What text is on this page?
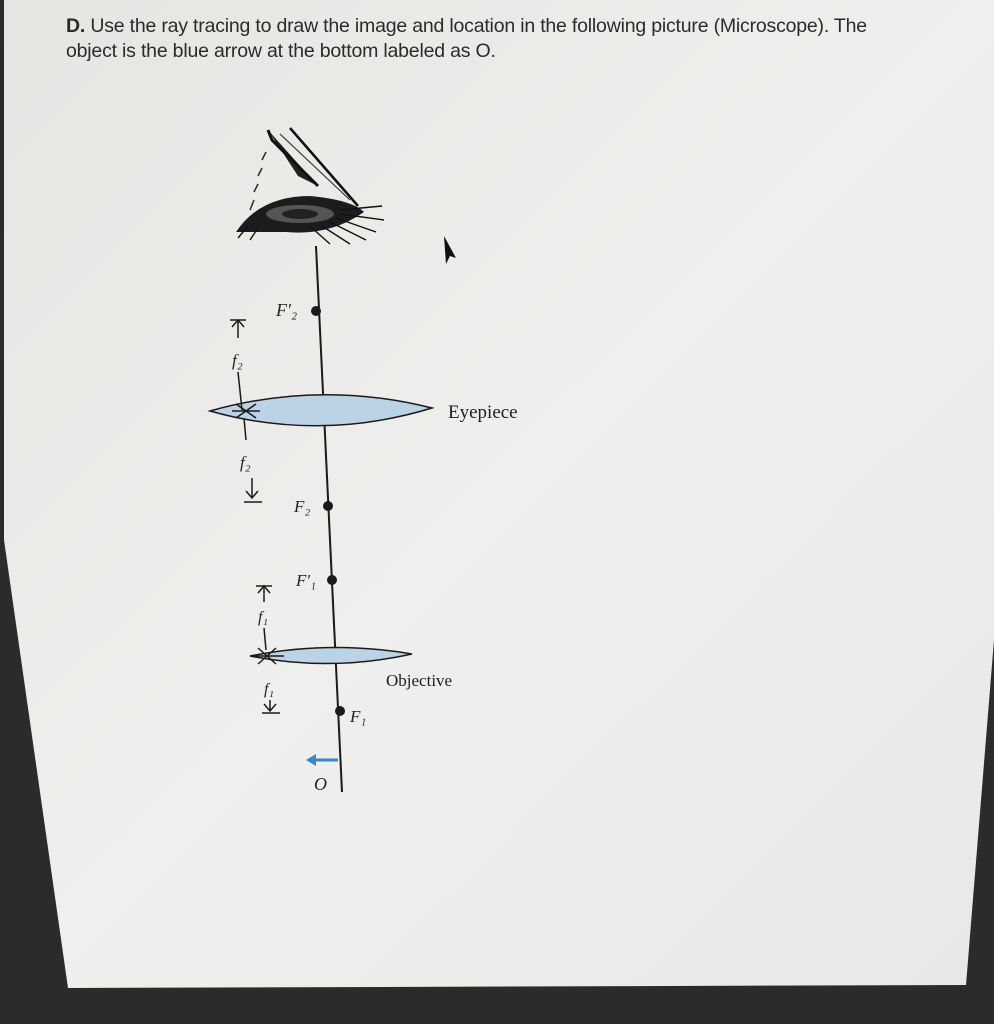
D. Use the ray tracing to draw the image and location in the following picture (Microscope). The
object is the blue arrow at the bottom labeled as O.
Eyepiece
f₂
f₂
F′₂
F₂
F′₁
f₁
Objective
f₁
F₁
O
